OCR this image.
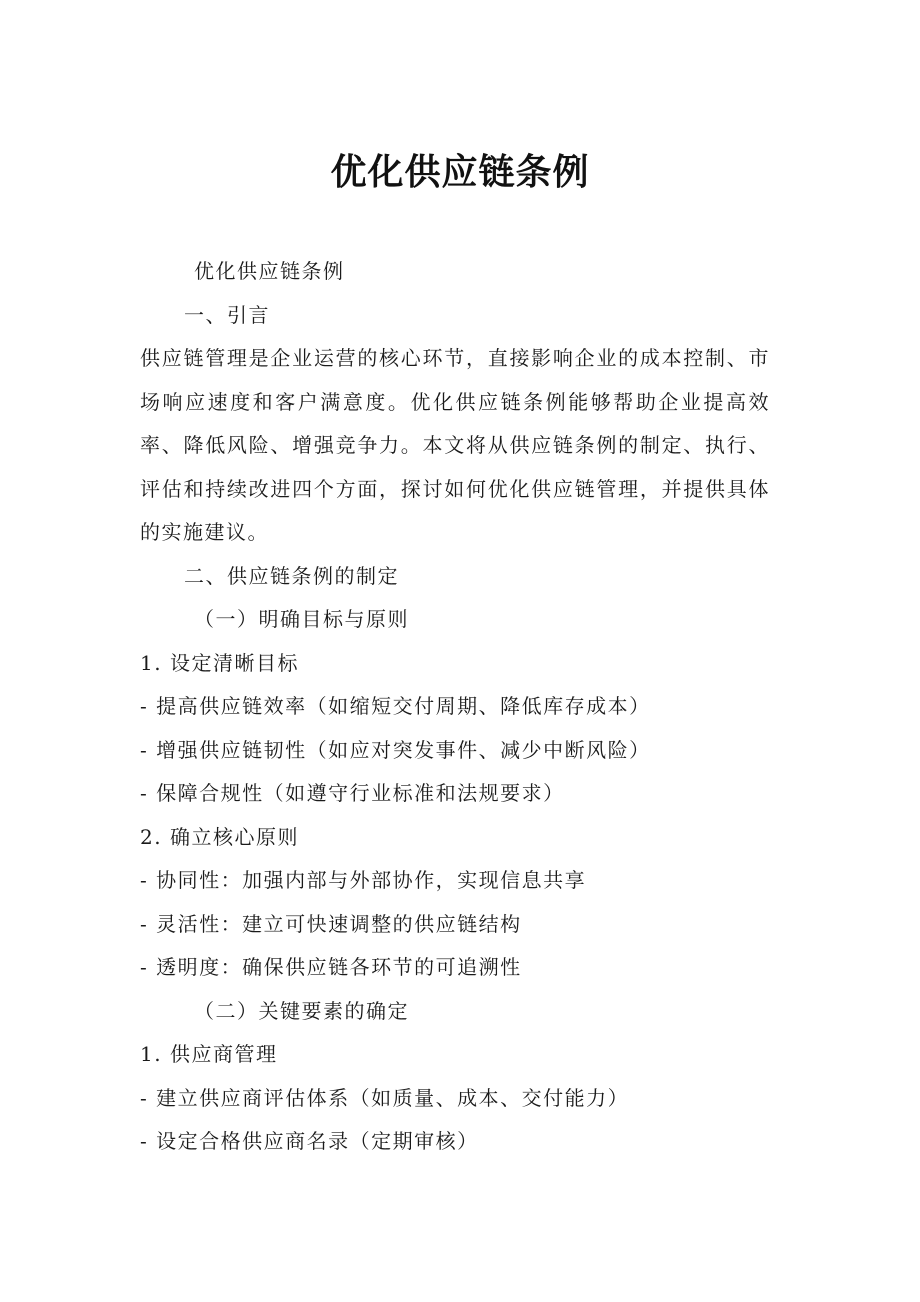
优化供应链条例
优化供应链条例
一、引言

供应链管理是企业运营的核心环节，直接影响企业的成本控制、市场响应速度和客户满意度。优化供应链条例能够帮助企业提高效率、降低风险、增强竞争力。本文将从供应链条例的制定、执行、评估和持续改进四个方面，探讨如何优化供应链管理，并提供具体的实施建议。

二、供应链条例的制定
（一）明确目标与原则
1. 设定清晰目标
- 提高供应链效率（如缩短交付周期、降低库存成本）
- 增强供应链韧性（如应对突发事件、减少中断风险）
- 保障合规性（如遵守行业标准和法规要求）
2. 确立核心原则
- 协同性：加强内部与外部协作，实现信息共享
- 灵活性：建立可快速调整的供应链结构
- 透明度：确保供应链各环节的可追溯性
（二）关键要素的确定
1. 供应商管理
- 建立供应商评估体系（如质量、成本、交付能力）
- 设定合格供应商名录（定期审核）
